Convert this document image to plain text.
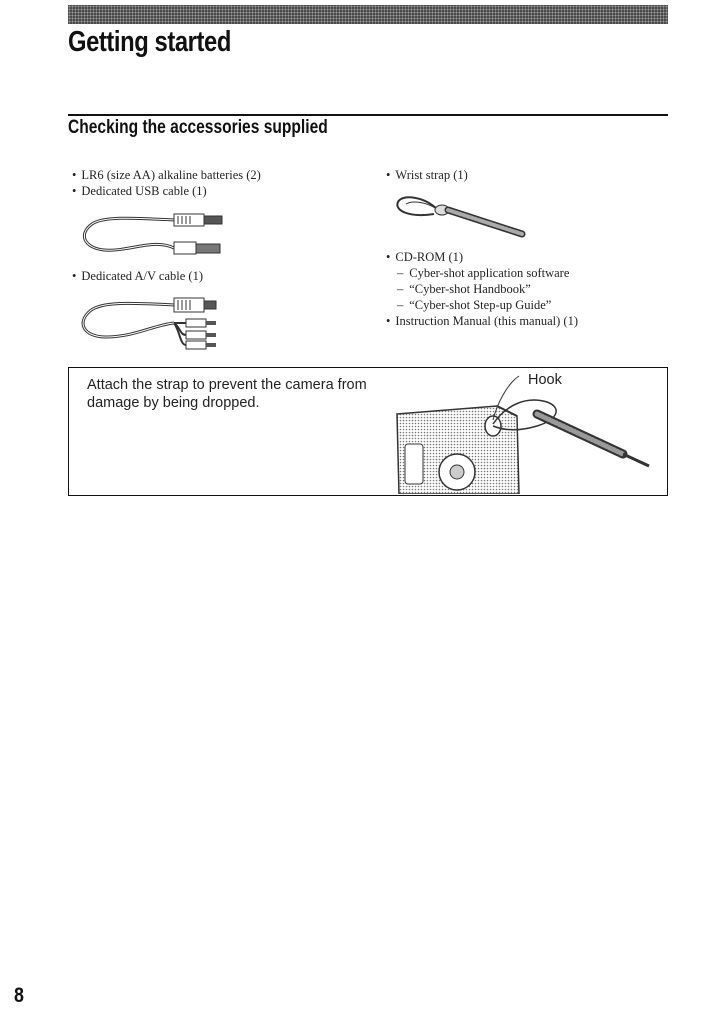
Getting started
Checking the accessories supplied
• LR6 (size AA) alkaline batteries (2)
• Dedicated USB cable (1)
• Dedicated A/V cable (1)
• Wrist strap (1)
• CD-ROM (1)
– Cyber-shot application software
– “Cyber-shot Handbook”
– “Cyber-shot Step-up Guide”
• Instruction Manual (this manual) (1)

Attach the strap to prevent the camera from damage by being dropped.

Hook
8
